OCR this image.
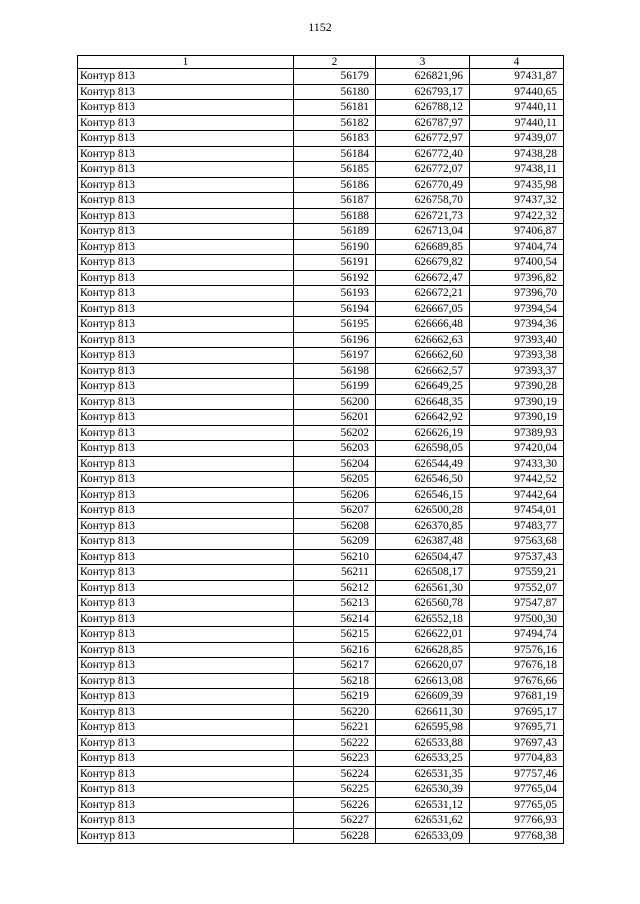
1152
1	2	3	4
Контур 813	56179	626821,96	97431,87
Контур 813	56180	626793,17	97440,65
Контур 813	56181	626788,12	97440,11
Контур 813	56182	626787,97	97440,11
Контур 813	56183	626772,97	97439,07
Контур 813	56184	626772,40	97438,28
Контур 813	56185	626772,07	97438,11
Контур 813	56186	626770,49	97435,98
Контур 813	56187	626758,70	97437,32
Контур 813	56188	626721,73	97422,32
Контур 813	56189	626713,04	97406,87
Контур 813	56190	626689,85	97404,74
Контур 813	56191	626679,82	97400,54
Контур 813	56192	626672,47	97396,82
Контур 813	56193	626672,21	97396,70
Контур 813	56194	626667,05	97394,54
Контур 813	56195	626666,48	97394,36
Контур 813	56196	626662,63	97393,40
Контур 813	56197	626662,60	97393,38
Контур 813	56198	626662,57	97393,37
Контур 813	56199	626649,25	97390,28
Контур 813	56200	626648,35	97390,19
Контур 813	56201	626642,92	97390,19
Контур 813	56202	626626,19	97389,93
Контур 813	56203	626598,05	97420,04
Контур 813	56204	626544,49	97433,30
Контур 813	56205	626546,50	97442,52
Контур 813	56206	626546,15	97442,64
Контур 813	56207	626500,28	97454,01
Контур 813	56208	626370,85	97483,77
Контур 813	56209	626387,48	97563,68
Контур 813	56210	626504,47	97537,43
Контур 813	56211	626508,17	97559,21
Контур 813	56212	626561,30	97552,07
Контур 813	56213	626560,78	97547,87
Контур 813	56214	626552,18	97500,30
Контур 813	56215	626622,01	97494,74
Контур 813	56216	626628,85	97576,16
Контур 813	56217	626620,07	97676,18
Контур 813	56218	626613,08	97676,66
Контур 813	56219	626609,39	97681,19
Контур 813	56220	626611,30	97695,17
Контур 813	56221	626595,98	97695,71
Контур 813	56222	626533,88	97697,43
Контур 813	56223	626533,25	97704,83
Контур 813	56224	626531,35	97757,46
Контур 813	56225	626530,39	97765,04
Контур 813	56226	626531,12	97765,05
Контур 813	56227	626531,62	97766,93
Контур 813	56228	626533,09	97768,38
